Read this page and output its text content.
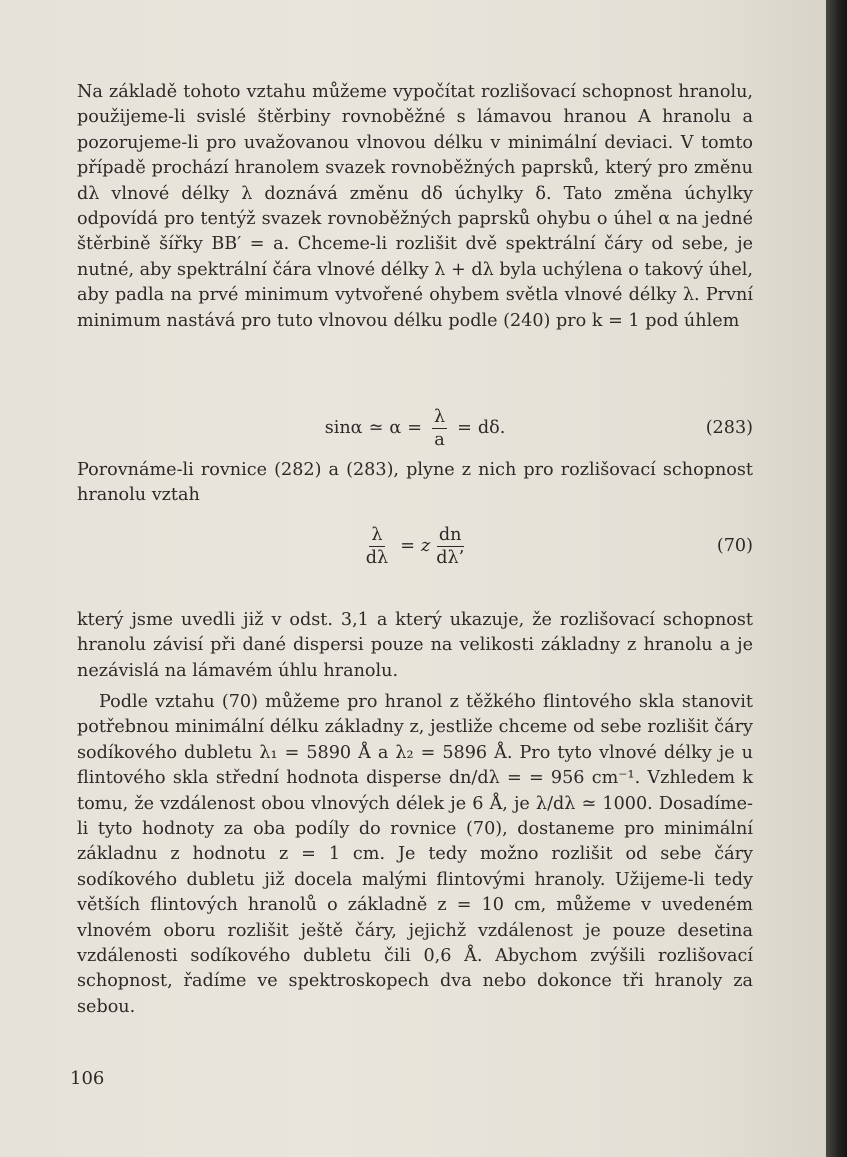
Na základě tohoto vztahu můžeme vypočítat rozlišovací schopnost hranolu, použijeme-li svislé štěrbiny rovnoběžné s lámavou hranou A hranolu a pozorujeme-li pro uvažovanou vlnovou délku v minimální deviaci. V tomto případě prochází hranolem svazek rovnoběžných paprsků, který pro změnu dλ vlnové délky λ doznává změnu dδ úchylky δ. Tato změna úchylky odpovídá pro tentýž svazek rovnoběžných paprsků ohybu o úhel α na jedné štěrbině šířky BB′ = a. Chceme-li rozlišit dvě spektrální čáry od sebe, je nutné, aby spektrální čára vlnové délky λ + dλ byla uchýlena o takový úhel, aby padla na prvé minimum vytvořené ohybem světla vlnové délky λ. První minimum nastává pro tuto vlnovou délku podle (240) pro k = 1 pod úhlem

sinα ≃ $\alpha = \frac{\lambda}{a} = d\delta$.	(283)

Porovnáme-li rovnice (282) a (283), plyne z nich pro rozlišovací schopnost hranolu vztah

$\frac{\lambda}{d\lambda} = z \frac{dn}{d\lambda’}$	(70)

který jsme uvedli již v odst. 3,1 a který ukazuje, že rozlišovací schopnost hranolu závisí při dané dispersi pouze na velikosti základny z hranolu a je nezávislá na lámavém úhlu hranolu.

Podle vztahu (70) můžeme pro hranol z těžkého flintového skla stanovit potřebnou minimální délku základny z, jestliže chceme od sebe rozlišit čáry sodíkového dubletu λ₁ = 5890 Å a λ₂ = 5896 Å. Pro tyto vlnové délky je u flintového skla střední hodnota disperse dn/dλ = = 956 cm⁻¹. Vzhledem k tomu, že vzdálenost obou vlnových délek je 6 Å, je λ/dλ ≃ 1000. Dosadíme-li tyto hodnoty za oba podíly do rovnice (70), dostaneme pro minimální základnu z hodnotu z = 1 cm. Je tedy možno rozlišit od sebe čáry sodíkového dubletu již docela malými flintovými hranoly. Užijeme-li tedy větších flintových hranolů o základně z = 10 cm, můžeme v uvedeném vlnovém oboru rozlišit ještě čáry, jejichž vzdálenost je pouze desetina vzdálenosti sodíkového dubletu čili 0,6 Å. Abychom zvýšili rozlišovací schopnost, řadíme ve spektroskopech dva nebo dokonce tři hranoly za sebou.

106
